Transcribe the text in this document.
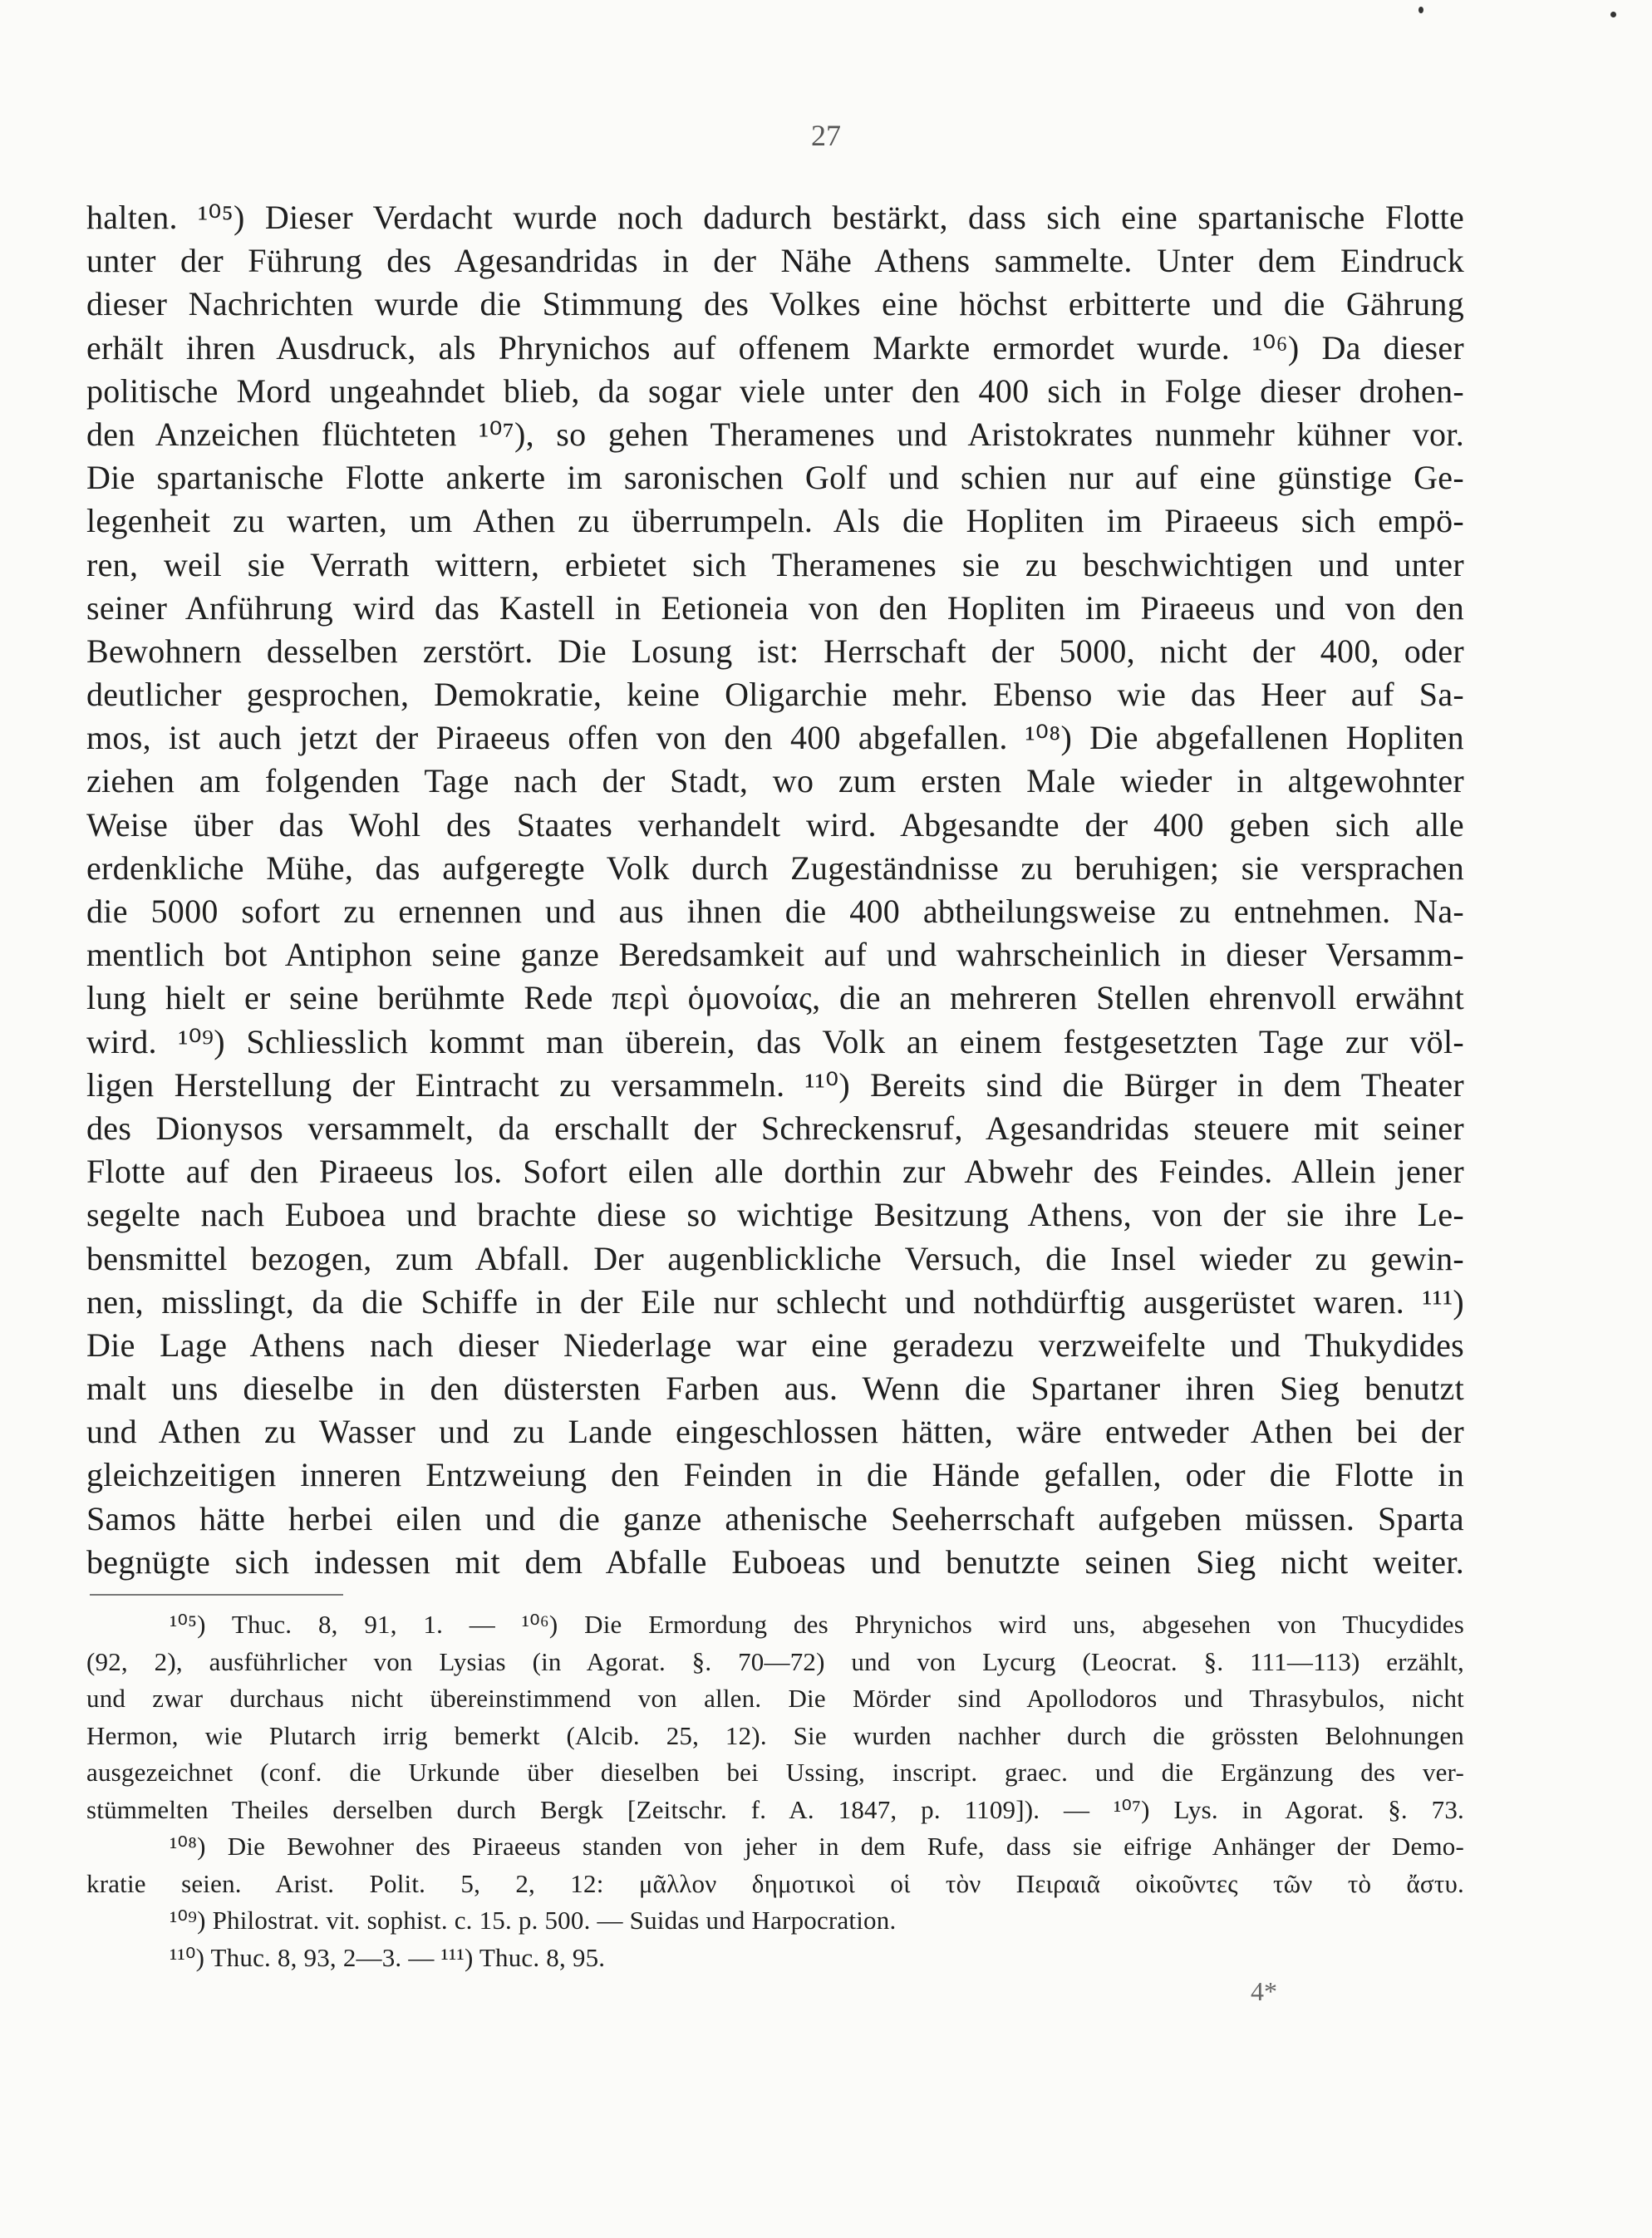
27
halten. ¹⁰⁵) Dieser Verdacht wurde noch dadurch bestärkt, dass sich eine spartanische Flotte
unter der Führung des Agesandridas in der Nähe Athens sammelte. Unter dem Eindruck
dieser Nachrichten wurde die Stimmung des Volkes eine höchst erbitterte und die Gährung
erhält ihren Ausdruck, als Phrynichos auf offenem Markte ermordet wurde. ¹⁰⁶) Da dieser
politische Mord ungeahndet blieb, da sogar viele unter den 400 sich in Folge dieser drohen-
den Anzeichen flüchteten ¹⁰⁷), so gehen Theramenes und Aristokrates nunmehr kühner vor.
Die spartanische Flotte ankerte im saronischen Golf und schien nur auf eine günstige Ge-
legenheit zu warten, um Athen zu überrumpeln. Als die Hopliten im Piraeeus sich empö-
ren, weil sie Verrath wittern, erbietet sich Theramenes sie zu beschwichtigen und unter
seiner Anführung wird das Kastell in Eetioneia von den Hopliten im Piraeeus und von den
Bewohnern desselben zerstört. Die Losung ist: Herrschaft der 5000, nicht der 400, oder
deutlicher gesprochen, Demokratie, keine Oligarchie mehr. Ebenso wie das Heer auf Sa-
mos, ist auch jetzt der Piraeeus offen von den 400 abgefallen. ¹⁰⁸) Die abgefallenen Hopliten
ziehen am folgenden Tage nach der Stadt, wo zum ersten Male wieder in altgewohnter
Weise über das Wohl des Staates verhandelt wird. Abgesandte der 400 geben sich alle
erdenkliche Mühe, das aufgeregte Volk durch Zugeständnisse zu beruhigen; sie versprachen
die 5000 sofort zu ernennen und aus ihnen die 400 abtheilungsweise zu entnehmen. Na-
mentlich bot Antiphon seine ganze Beredsamkeit auf und wahrscheinlich in dieser Versamm-
lung hielt er seine berühmte Rede περὶ ὁμονοίας, die an mehreren Stellen ehrenvoll erwähnt
wird. ¹⁰⁹) Schliesslich kommt man überein, das Volk an einem festgesetzten Tage zur völ-
ligen Herstellung der Eintracht zu versammeln. ¹¹⁰) Bereits sind die Bürger in dem Theater
des Dionysos versammelt, da erschallt der Schreckensruf, Agesandridas steuere mit seiner
Flotte auf den Piraeeus los. Sofort eilen alle dorthin zur Abwehr des Feindes. Allein jener
segelte nach Euboea und brachte diese so wichtige Besitzung Athens, von der sie ihre Le-
bensmittel bezogen, zum Abfall. Der augenblickliche Versuch, die Insel wieder zu gewin-
nen, misslingt, da die Schiffe in der Eile nur schlecht und nothdürftig ausgerüstet waren. ¹¹¹)
Die Lage Athens nach dieser Niederlage war eine geradezu verzweifelte und Thukydides
malt uns dieselbe in den düstersten Farben aus. Wenn die Spartaner ihren Sieg benutzt
und Athen zu Wasser und zu Lande eingeschlossen hätten, wäre entweder Athen bei der
gleichzeitigen inneren Entzweiung den Feinden in die Hände gefallen, oder die Flotte in
Samos hätte herbei eilen und die ganze athenische Seeherrschaft aufgeben müssen. Sparta
begnügte sich indessen mit dem Abfalle Euboeas und benutzte seinen Sieg nicht weiter.
¹⁰⁵) Thuc. 8, 91, 1. — ¹⁰⁶) Die Ermordung des Phrynichos wird uns, abgesehen von Thucydides
(92, 2), ausführlicher von Lysias (in Agorat. §. 70—72) und von Lycurg (Leocrat. §. 111—113) erzählt,
und zwar durchaus nicht übereinstimmend von allen. Die Mörder sind Apollodoros und Thrasybulos, nicht
Hermon, wie Plutarch irrig bemerkt (Alcib. 25, 12). Sie wurden nachher durch die grössten Belohnungen
ausgezeichnet (conf. die Urkunde über dieselben bei Ussing, inscript. graec. und die Ergänzung des ver-
stümmelten Theiles derselben durch Bergk [Zeitschr. f. A. 1847, p. 1109]). — ¹⁰⁷) Lys. in Agorat. §. 73.
¹⁰⁸) Die Bewohner des Piraeeus standen von jeher in dem Rufe, dass sie eifrige Anhänger der Demo-
kratie seien. Arist. Polit. 5, 2, 12: μᾶλλον δημοτικοὶ οἱ τὸν Πειραιᾶ οἰκοῦντες τῶν τὸ ἄστυ.
¹⁰⁹) Philostrat. vit. sophist. c. 15. p. 500. — Suidas und Harpocration.
¹¹⁰) Thuc. 8, 93, 2—3. — ¹¹¹) Thuc. 8, 95.
4*
